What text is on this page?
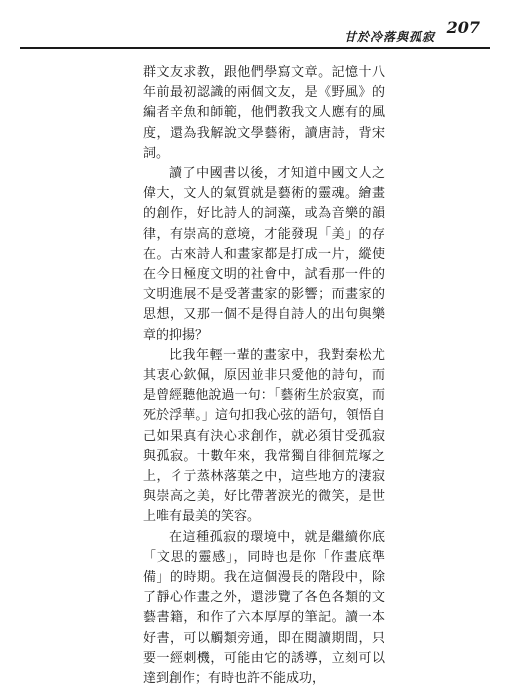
甘於冷落與孤寂 207

群文友求教，跟他們學寫文章。記憶十八年前最初認識的兩個文友，是《野風》的編者辛魚和師範，他們教我文人應有的風度，還為我解說文學藝術，讀唐詩，背宋詞。

讀了中國書以後，才知道中國文人之偉大，文人的氣質就是藝術的靈魂。繪畫的創作，好比詩人的詞藻，或為音樂的韻律，有崇高的意境，才能發現「美」的存在。古來詩人和畫家都是打成一片，縱使在今日極度文明的社會中，試看那一件的文明進展不是受著畫家的影響；而畫家的思想，又那一個不是得自詩人的出句與樂章的抑揚？

比我年輕一輩的畫家中，我對秦松尤其衷心欽佩，原因並非只愛他的詩句，而是曾經聽他說過一句：「藝術生於寂寞，而死於浮華。」這句扣我心弦的語句，領悟自己如果真有決心求創作，就必須甘受孤寂與孤寂。十數年來，我常獨自徘徊荒塚之上，彳亍蒸林落葉之中，這些地方的淒寂與崇高之美，好比帶著淚光的微笑，是世上唯有最美的笑容。

在這種孤寂的環境中，就是繼續你底「文思的靈感」，同時也是你「作畫底準備」的時期。我在這個漫長的階段中，除了靜心作畫之外，還涉覽了各色各類的文藝書籍，和作了六本厚厚的筆記。讀一本好書，可以觸類旁通，即在閱讀期間，只要一經刺機，可能由它的誘導，立刻可以達到創作；有時也許不能成功，
